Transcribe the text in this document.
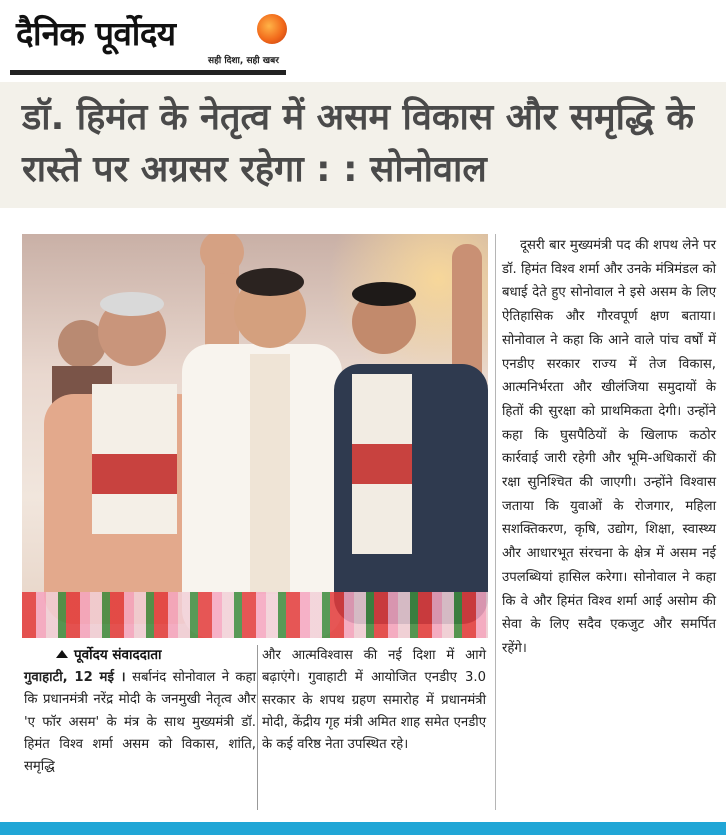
दैनिक पूर्वोदय
सही दिशा, सही खबर
डॉ. हिमंत के नेतृत्व में असम विकास और समृद्धि के रास्ते पर अग्रसर रहेगा : : सोनोवाल

दूसरी बार मुख्यमंत्री पद की शपथ लेने पर डॉ. हिमंत विश्व शर्मा और उनके मंत्रिमंडल को बधाई देते हुए सोनोवाल ने इसे असम के लिए ऐतिहासिक और गौरवपूर्ण क्षण बताया। सोनोवाल ने कहा कि आने वाले पांच वर्षों में एनडीए सरकार राज्य में तेज विकास, आत्मनिर्भरता और खीलंजिया समुदायों के हितों की सुरक्षा को प्राथमिकता देगी। उन्होंने कहा कि घुसपैठियों के खिलाफ कठोर कार्रवाई जारी रहेगी और भूमि-अधिकारों की रक्षा सुनिश्चित की जाएगी। उन्होंने विश्वास जताया कि युवाओं के रोजगार, महिला सशक्तिकरण, कृषि, उद्योग, शिक्षा, स्वास्थ्य और आधारभूत संरचना के क्षेत्र में असम नई उपलब्धियां हासिल करेगा। सोनोवाल ने कहा कि वे और हिमंत विश्व शर्मा आई असोम की सेवा के लिए सदैव एकजुट और समर्पित रहेंगे।

पूर्वोदय संवाददाता

गुवाहाटी, 12 मई । सर्बानंद सोनोवाल ने कहा कि प्रधानमंत्री नरेंद्र मोदी के जनमुखी नेतृत्व और 'ए फॉर असम' के मंत्र के साथ मुख्यमंत्री डॉ. हिमंत विश्व शर्मा असम को विकास, शांति, समृद्धि

और आत्मविश्वास की नई दिशा में आगे बढ़ाएंगे। गुवाहाटी में आयोजित एनडीए 3.0 सरकार के शपथ ग्रहण समारोह में प्रधानमंत्री मोदी, केंद्रीय गृह मंत्री अमित शाह समेत एनडीए के कई वरिष्ठ नेता उपस्थित रहे।
